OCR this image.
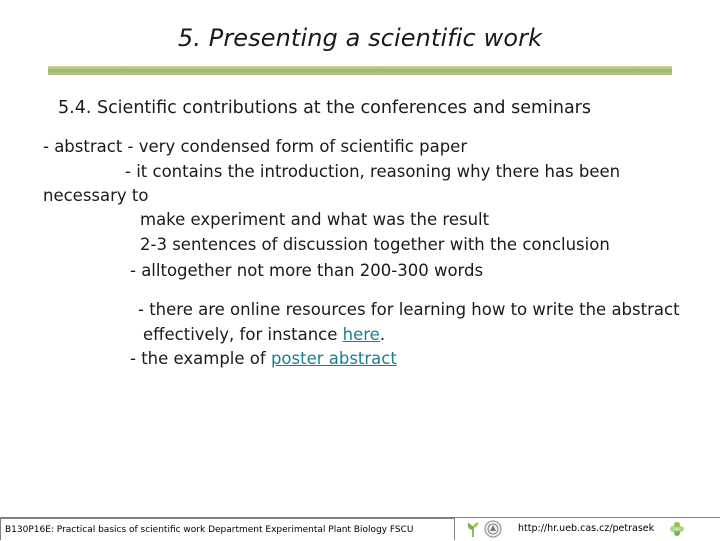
5. Presenting a scientific work
5.4. Scientific contributions at the conferences and seminars
- abstract - very condensed form of scientific paper
- it contains the introduction, reasoning why there has been
necessary to
make experiment and what was the result
2-3 sentences of discussion together with the conclusion
- alltogether not more than 200-300 words
- there are online resources for learning how to write the abstract
effectively, for instance here.
- the example of poster abstract
B130P16E: Practical basics of scientific work Department Experimental Plant Biology FSCU	http://hr.ueb.cas.cz/petrasek
